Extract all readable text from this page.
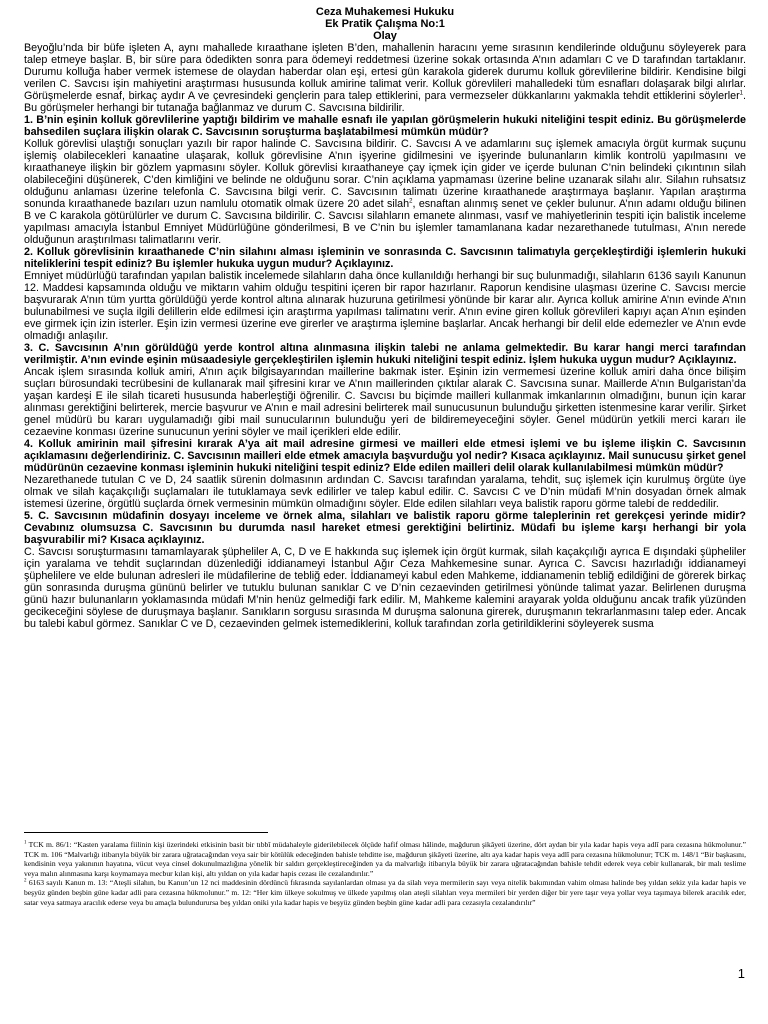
Ceza Muhakemesi Hukuku

Ek Pratik Çalışma No:1

Olay

Beyoğlu’nda bir büfe işleten A, aynı mahallede kıraathane işleten B’den, mahallenin haracını yeme sırasının kendilerinde olduğunu söyleyerek para talep etmeye başlar. B, bir süre para ödedikten sonra para ödemeyi reddetmesi üzerine sokak ortasında A’nın adamları C ve D tarafından tartaklanır. Durumu kolluğa haber vermek istemese de olaydan haberdar olan eşi, ertesi gün karakola giderek durumu kolluk görevlilerine bildirir. Kendisine bilgi verilen C. Savcısı işin mahiyetini araştırması hususunda kolluk amirine talimat verir. Kolluk görevlileri mahalledeki tüm esnafları dolaşarak bilgi alırlar. Görüşmelerde esnaf, birkaç aydır A ve çevresindeki gençlerin para talep ettiklerini, para vermezseler dükkanlarını yakmakla tehdit ettiklerini söylerler$^1$. Bu görüşmeler herhangi bir tutanağa bağlanmaz ve durum C. Savcısına bildirilir.

1. B’nin eşinin kolluk görevlilerine yaptığı bildirim ve mahalle esnafı ile yapılan görüşmelerin hukuki niteliğini tespit ediniz. Bu görüşmelerde bahsedilen suçlara ilişkin olarak C. Savcısının soruşturma başlatabilmesi mümkün müdür?

Kolluk görevlisi ulaştığı sonuçları yazılı bir rapor halinde C. Savcısına bildirir. C. Savcısı A ve adamlarını suç işlemek amacıyla örgüt kurmak suçunu işlemiş olabilecekleri kanaatine ulaşarak, kolluk görevlisine A’nın işyerine gidilmesini ve işyerinde bulunanların kimlik kontrolü yapılmasını ve kıraathaneye ilişkin bir gözlem yapmasını söyler. Kolluk görevlisi kıraathaneye çay içmek için gider ve içerde bulunan C’nin belindeki çıkıntının silah olabileceğini düşünerek, C’den kimliğini ve belinde ne olduğunu sorar. C’nin açıklama yapmaması üzerine beline uzanarak silahı alır. Silahın ruhsatsız olduğunu anlaması üzerine telefonla C. Savcısına bilgi verir. C. Savcısının talimatı üzerine kıraathanede araştırmaya başlanır. Yapılan araştırma sonunda kıraathanede bazıları uzun namlulu otomatik olmak üzere 20 adet silah$^2$, esnaftan alınmış senet ve çekler bulunur. A’nın adamı olduğu bilinen B ve C karakola götürülürler ve durum C. Savcısına bildirilir. C. Savcısı silahların emanete alınması, vasıf ve mahiyetlerinin tespiti için balistik inceleme yapılması amacıyla İstanbul Emniyet Müdürlüğüne gönderilmesi, B ve C’nin bu işlemler tamamlanana kadar nezarethanede tutulması, A’nın nerede olduğunun araştırılması talimatlarını verir.

2. Kolluk görevlisinin kıraathanede C’nin silahını alması işleminin ve sonrasında C. Savcısının talimatıyla gerçekleştirdiği işlemlerin hukuki niteliklerini tespit ediniz? Bu işlemler hukuka uygun mudur? Açıklayınız.

Emniyet müdürlüğü tarafından yapılan balistik incelemede silahların daha önce kullanıldığı herhangi bir suç bulunmadığı, silahların 6136 sayılı Kanunun 12. Maddesi kapsamında olduğu ve miktarın vahim olduğu tespitini içeren bir rapor hazırlanır. Raporun kendisine ulaşması üzerine C. Savcısı mercie başvurarak A’nın tüm yurtta görüldüğü yerde kontrol altına alınarak huzuruna getirilmesi yönünde bir karar alır. Ayrıca kolluk amirine A’nın evinde A’nın bulunabilmesi ve suçla ilgili delillerin elde edilmesi için araştırma yapılması talimatını verir. A’nın evine giren kolluk görevlileri kapıyı açan A’nın eşinden eve girmek için izin isterler. Eşin izin vermesi üzerine eve girerler ve araştırma işlemine başlarlar. Ancak herhangi bir delil elde edemezler ve A’nın evde olmadığı anlaşılır.

3. C. Savcısının A’nın görüldüğü yerde kontrol altına alınmasına ilişkin talebi ne anlama gelmektedir. Bu karar hangi merci tarafından verilmiştir. A’nın evinde eşinin müsaadesiyle gerçekleştirilen işlemin hukuki niteliğini tespit ediniz. İşlem hukuka uygun mudur? Açıklayınız.

Ancak işlem sırasında kolluk amiri, A’nın açık bilgisayarından maillerine bakmak ister. Eşinin izin vermemesi üzerine kolluk amiri daha önce bilişim suçları bürosundaki tecrübesini de kullanarak mail şifresini kırar ve A’nın maillerinden çıktılar alarak C. Savcısına sunar. Maillerde A’nın Bulgaristan’da yaşan kardeşi E ile silah ticareti hususunda haberleştiği öğrenilir. C. Savcısı bu biçimde mailleri kullanmak imkanlarının olmadığını, bunun için karar alınması gerektiğini belirterek, mercie başvurur ve A’nın e mail adresini belirterek mail sunucusunun bulunduğu şirketten istenmesine karar verilir. Şirket genel müdürü bu kararı uygulamadığı gibi mail sunucularının bulunduğu yeri de bildiremeyeceğini söyler. Genel müdürün yetkili merci kararı ile cezaevine konması üzerine sunucunun yerini söyler ve mail içerikleri elde edilir.

4. Kolluk amirinin mail şifresini kırarak A’ya ait mail adresine girmesi ve mailleri elde etmesi işlemi ve bu işleme ilişkin C. Savcısının açıklamasını değerlendiriniz. C. Savcısının mailleri elde etmek amacıyla başvurduğu yol nedir? Kısaca açıklayınız. Mail sunucusu şirket genel müdürünün cezaevine konması işleminin hukuki niteliğini tespit ediniz? Elde edilen mailleri delil olarak kullanılabilmesi mümkün müdür?

Nezarethanede tutulan C ve D, 24 saatlik sürenin dolmasının ardından C. Savcısı tarafından yaralama, tehdit, suç işlemek için kurulmuş örgüte üye olmak ve silah kaçakçılığı suçlamaları ile tutuklamaya sevk edilirler ve talep kabul edilir. C. Savcısı C ve D’nin müdafi M’nin dosyadan örnek almak istemesi üzerine, örgütlü suçlarda örnek vermesinin mümkün olmadığını söyler. Elde edilen silahları veya balistik raporu görme talebi de reddedilir.

5. C. Savcısının müdafinin dosyayı inceleme ve örnek alma, silahları ve balistik raporu görme taleplerinin ret gerekçesi yerinde midir? Cevabınız olumsuzsa C. Savcısının bu durumda nasıl hareket etmesi gerektiğini belirtiniz. Müdafi bu işleme karşı herhangi bir yola başvurabilir mi? Kısaca açıklayınız.

C. Savcısı soruşturmasını tamamlayarak şüpheliler A, C, D ve E hakkında suç işlemek için örgüt kurmak, silah kaçakçılığı ayrıca E dışındaki şüpheliler için yaralama ve tehdit suçlarından düzenlediği iddianameyi İstanbul Ağır Ceza Mahkemesine sunar. Ayrıca C. Savcısı hazırladığı iddianameyi şüphelilere ve elde bulunan adresleri ile müdafilerine de tebliğ eder. İddianameyi kabul eden Mahkeme, iddianamenin tebliğ edildiğini de görerek birkaç gün sonrasında duruşma gününü belirler ve tutuklu bulunan sanıklar C ve D’nin cezaevinden getirilmesi yönünde talimat yazar. Belirlenen duruşma günü hazır bulunanların yoklamasında müdafi M’nin henüz gelmediği fark edilir. M, Mahkeme kalemini arayarak yolda olduğunu ancak trafik yüzünden gecikeceğini söylese de duruşmaya başlanır. Sanıkların sorgusu sırasında M duruşma salonuna girerek, duruşmanın tekrarlanmasını talep eder. Ancak bu talebi kabul görmez. Sanıklar C ve D, cezaevinden gelmek istemediklerini, kolluk tarafından zorla getirildiklerini söyleyerek susma

$^1$ TCK m. 86/1: “Kasten yaralama fiilinin kişi üzerindeki etkisinin basit bir tıbbî müdahaleyle giderilebilecek ölçüde hafif olması hâlinde, mağdurun şikâyeti üzerine, dört aydan bir yıla kadar hapis veya adlî para cezasına hükmolunur.” TCK m. 106 “Malvarlığı itibarıyla büyük bir zarara uğratacağından veya sair bir kötülük edeceğinden bahisle tehditte ise, mağdurun şikâyeti üzerine, altı aya kadar hapis veya adlî para cezasına hükmolunur; TCK m. 148/1 “Bir başkasını, kendisinin veya yakınının hayatına, vücut veya cinsel dokunulmazlığına yönelik bir saldırı gerçekleştireceğinden ya da malvarlığı itibarıyla büyük bir zarara uğratacağından bahisle tehdit ederek veya cebir kullanarak, bir malı teslime veya malın alınmasına karşı koymamaya mecbur kılan kişi, altı yıldan on yıla kadar hapis cezası ile cezalandırılır.”

$^2$ 6163 sayılı Kanun m. 13: “Ateşli silahın, bu Kanun’un 12 nci maddesinin dördüncü fıkrasında sayılanlardan olması ya da silah veya mermilerin sayı veya nitelik bakımından vahim olması halinde beş yıldan sekiz yıla kadar hapis ve beşyüz günden beşbin güne kadar adli para cezasına hükmolunur.” m. 12: “Her kim ülkeye sokulmuş ve ülkede yapılmış olan ateşli silahları veya mermileri bir yerden diğer bir yere taşır veya yollar veya taşımaya bilerek aracılık eder, satar veya satmaya aracılık ederse veya bu amaçla bulundurursa beş yıldan oniki yıla kadar hapis ve beşyüz günden beşbin güne kadar adli para cezasıyla cezalandırılır”

1
